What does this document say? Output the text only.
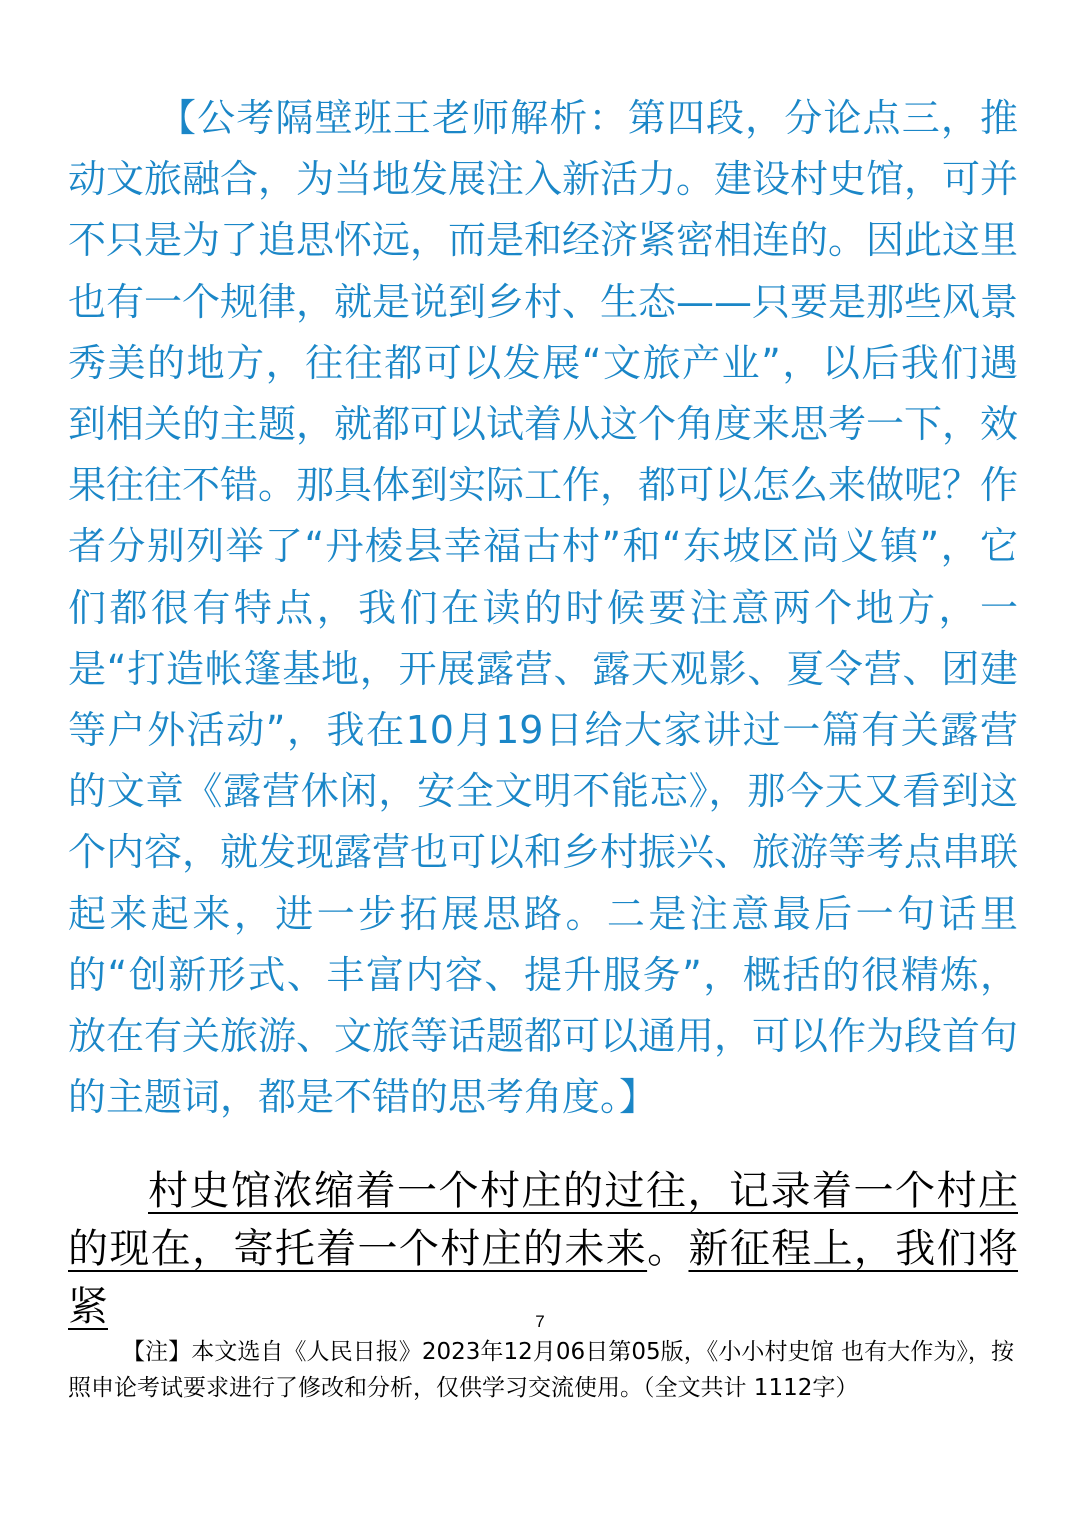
【公考隔壁班王老师解析：第四段，分论点三，推动文旅融合，为当地发展注入新活力。建设村史馆，可并不只是为了追思怀远，而是和经济紧密相连的。因此这里也有一个规律，就是说到乡村、生态——只要是那些风景秀美的地方，往往都可以发展“文旅产业”，以后我们遇到相关的主题，就都可以试着从这个角度来思考一下，效果往往不错。那具体到实际工作，都可以怎么来做呢？作者分别列举了“丹棱县幸福古村”和“东坡区尚义镇”，它们都很有特点，我们在读的时候要注意两个地方，一是“打造帐篷基地，开展露营、露天观影、夏令营、团建等户外活动”，我在10月19日给大家讲过一篇有关露营的文章《露营休闲，安全文明不能忘》，那今天又看到这个内容，就发现露营也可以和乡村振兴、旅游等考点串联起来起来，进一步拓展思路。二是注意最后一句话里的“创新形式、丰富内容、提升服务”，概括的很精炼，放在有关旅游、文旅等话题都可以通用，可以作为段首句的主题词，都是不错的思考角度。】

村史馆浓缩着一个村庄的过往，记录着一个村庄的现在，寄托着一个村庄的未来。新征程上，我们将紧	7

【注】本文选自《人民日报》2023年12月06日第05版，《小小村史馆 也有大作为》，按照申论考试要求进行了修改和分析，仅供学习交流使用。（全文共计 1112字）
